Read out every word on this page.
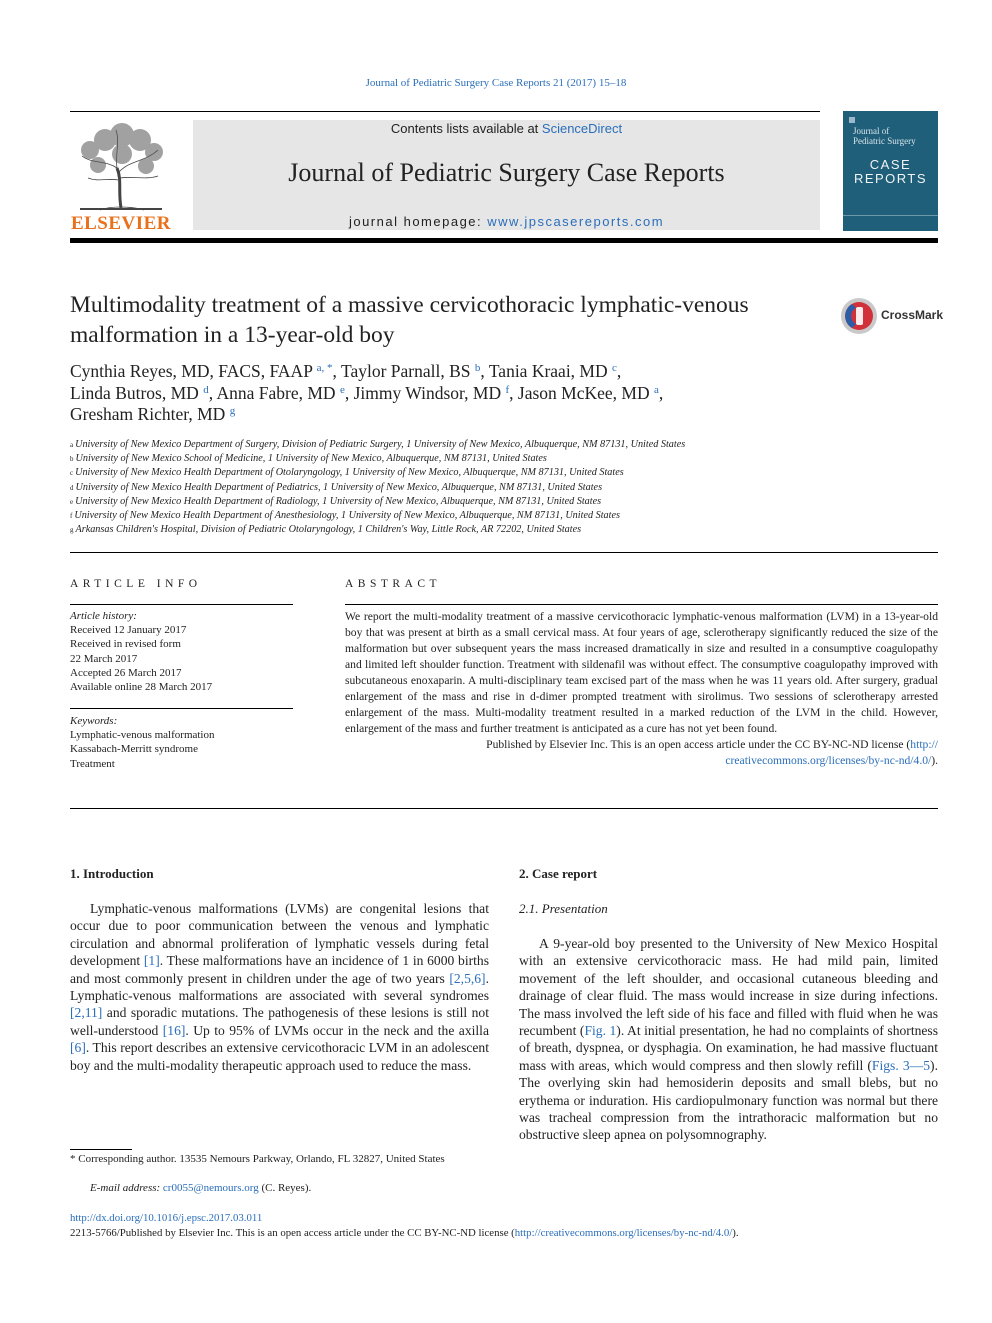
Journal of Pediatric Surgery Case Reports 21 (2017) 15–18
ELSEVIER
Contents lists available at ScienceDirect
Journal of Pediatric Surgery Case Reports
journal homepage: www.jpscasereports.com
Journal of
Pediatric Surgery
CASE
REPORTS
Multimodality treatment of a massive cervicothoracic lymphatic-venous malformation in a 13-year-old boy
CrossMark
Cynthia Reyes, MD, FACS, FAAP $^{a, *}$, Taylor Parnall, BS $^b$, Tania Kraai, MD $^c$,
Linda Butros, MD $^d$, Anna Fabre, MD $^e$, Jimmy Windsor, MD $^f$, Jason McKee, MD $^a$,
Gresham Richter, MD $^g$
$^a$ University of New Mexico Department of Surgery, Division of Pediatric Surgery, 1 University of New Mexico, Albuquerque, NM 87131, United States
$^b$ University of New Mexico School of Medicine, 1 University of New Mexico, Albuquerque, NM 87131, United States
$^c$ University of New Mexico Health Department of Otolaryngology, 1 University of New Mexico, Albuquerque, NM 87131, United States
$^d$ University of New Mexico Health Department of Pediatrics, 1 University of New Mexico, Albuquerque, NM 87131, United States
$^e$ University of New Mexico Health Department of Radiology, 1 University of New Mexico, Albuquerque, NM 87131, United States
$^f$ University of New Mexico Health Department of Anesthesiology, 1 University of New Mexico, Albuquerque, NM 87131, United States
$^g$ Arkansas Children's Hospital, Division of Pediatric Otolaryngology, 1 Children's Way, Little Rock, AR 72202, United States
ARTICLE INFO
Article history:
Received 12 January 2017
Received in revised form
22 March 2017
Accepted 26 March 2017
Available online 28 March 2017
Keywords:
Lymphatic-venous malformation
Kassabach-Merritt syndrome
Treatment
ABSTRACT
We report the multi-modality treatment of a massive cervicothoracic lymphatic-venous malformation (LVM) in a 13-year-old boy that was present at birth as a small cervical mass. At four years of age, sclerotherapy significantly reduced the size of the malformation but over subsequent years the mass increased dramatically in size and resulted in a consumptive coagulopathy and limited left shoulder function. Treatment with sildenafil was without effect. The consumptive coagulopathy improved with subcutaneous enoxaparin. A multi-disciplinary team excised part of the mass when he was 11 years old. After surgery, gradual enlargement of the mass and rise in d-dimer prompted treatment with sirolimus. Two sessions of sclerotherapy arrested enlargement of the mass. Multi-modality treatment resulted in a marked reduction of the LVM in the child. However, enlargement of the mass and further treatment is anticipated as a cure has not yet been found.
Published by Elsevier Inc. This is an open access article under the CC BY-NC-ND license (http://
creativecommons.org/licenses/by-nc-nd/4.0/).
1. Introduction
Lymphatic-venous malformations (LVMs) are congenital lesions that occur due to poor communication between the venous and lymphatic circulation and abnormal proliferation of lymphatic vessels during fetal development [1]. These malformations have an incidence of 1 in 6000 births and most commonly present in children under the age of two years [2,5,6]. Lymphatic-venous malformations are associated with several syndromes [2,11] and sporadic mutations. The pathogenesis of these lesions is still not well-understood [16]. Up to 95% of LVMs occur in the neck and the axilla [6]. This report describes an extensive cervicothoracic LVM in an adolescent boy and the multi-modality therapeutic approach used to reduce the mass.
2. Case report
2.1. Presentation
A 9-year-old boy presented to the University of New Mexico Hospital with an extensive cervicothoracic mass. He had mild pain, limited movement of the left shoulder, and occasional cutaneous bleeding and drainage of clear fluid. The mass would increase in size during infections. The mass involved the left side of his face and filled with fluid when he was recumbent (Fig. 1). At initial presentation, he had no complaints of shortness of breath, dyspnea, or dysphagia. On examination, he had massive fluctuant mass with areas, which would compress and then slowly refill (Figs. 3—5). The overlying skin had hemosiderin deposits and small blebs, but no erythema or induration. His cardiopulmonary function was normal but there was tracheal compression from the intrathoracic malformation but no obstructive sleep apnea on polysomnography.
* Corresponding author. 13535 Nemours Parkway, Orlando, FL 32827, United States
E-mail address: cr0055@nemours.org (C. Reyes).
http://dx.doi.org/10.1016/j.epsc.2017.03.011
2213-5766/Published by Elsevier Inc. This is an open access article under the CC BY-NC-ND license (http://creativecommons.org/licenses/by-nc-nd/4.0/).
